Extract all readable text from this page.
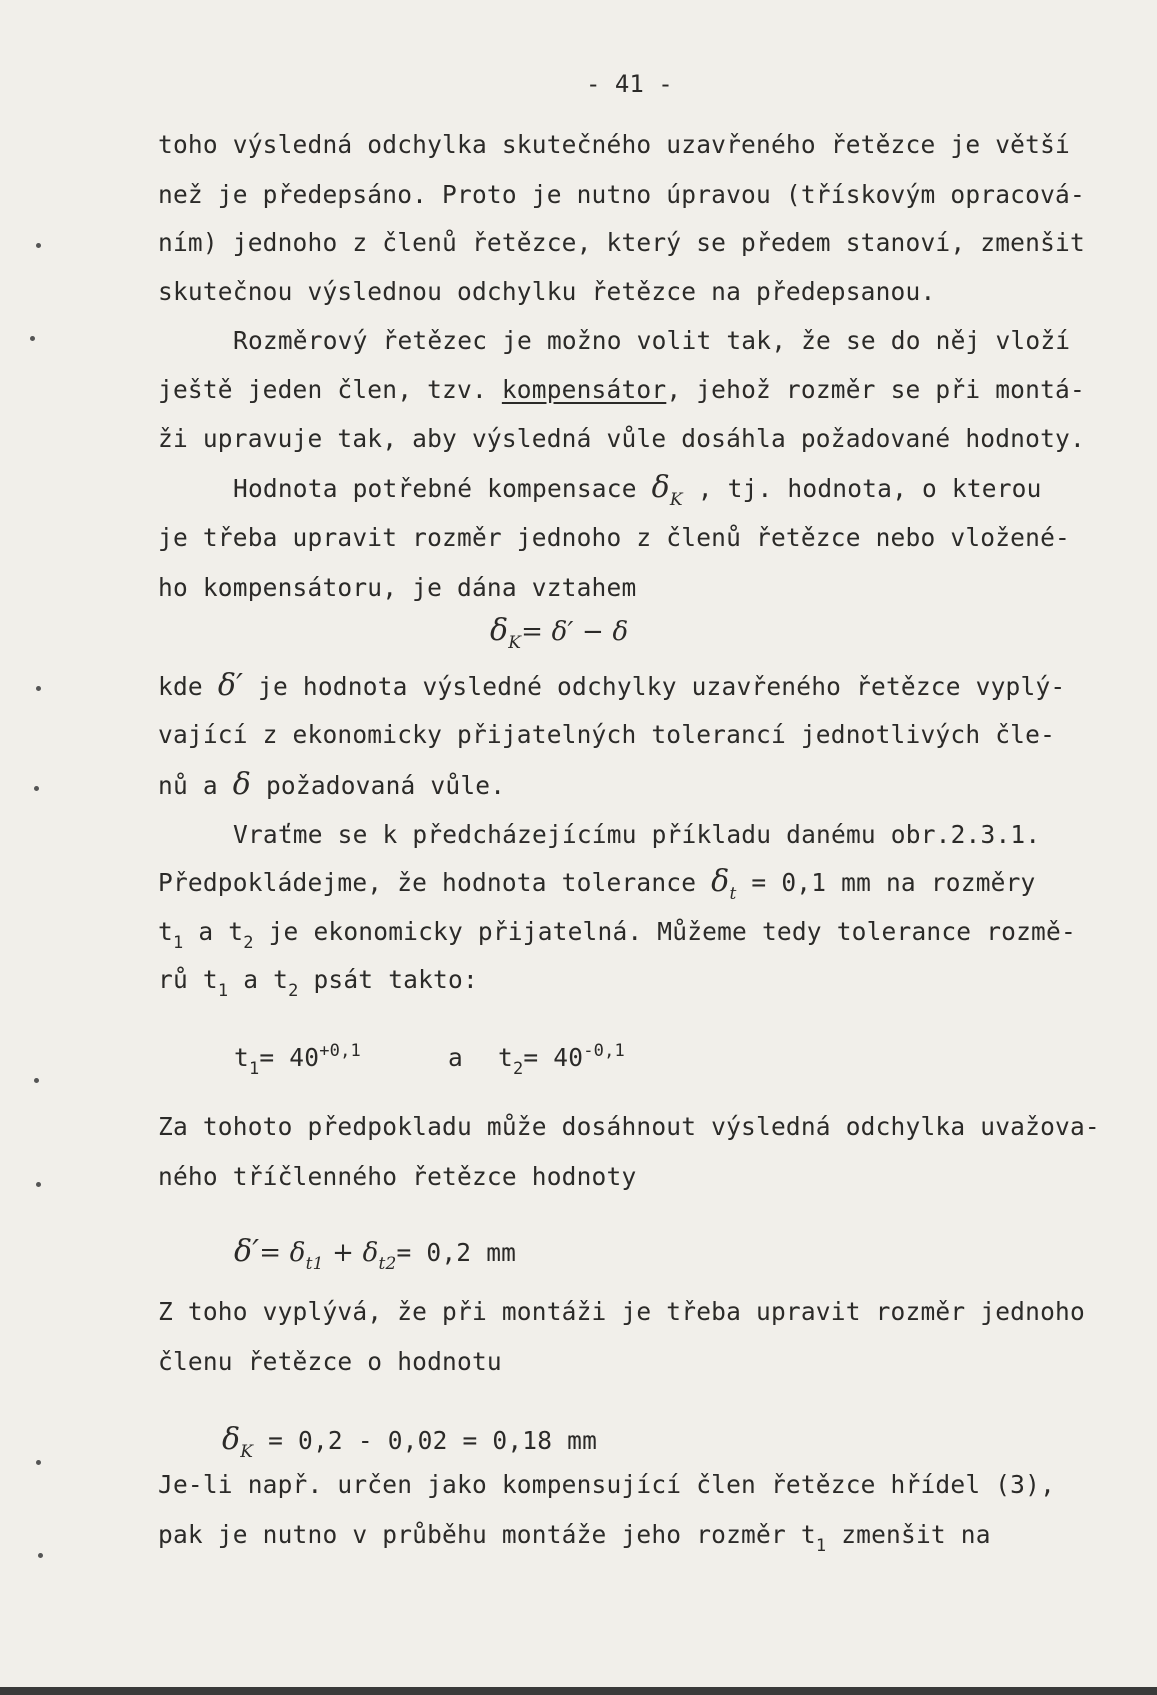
- 41 -
toho výsledná odchylka skutečného uzavřeného řetězce je větší
než je předepsáno. Proto je nutno úpravou (třískovým opracová-
ním) jednoho z členů řetězce, který se předem stanoví, zmenšit
skutečnou výslednou odchylku řetězce na předepsanou.
Rozměrový řetězec je možno volit tak, že se do něj vloží
ještě jeden člen, tzv. kompensátor, jehož rozměr se při montá-
ži upravuje tak, aby výsledná vůle dosáhla požadované hodnoty.
Hodnota potřebné kompensace $\delta_K$ , tj. hodnota, o kterou
je třeba upravit rozměr jednoho z členů řetězce nebo vložené-
ho kompensátoru, je dána vztahem
$\delta_K= \delta' - \delta$
kde δ′ je hodnota výsledné odchylky uzavřeného řetězce vyplý-
vající z ekonomicky přijatelných tolerancí jednotlivých čle-
nů a δ požadovaná vůle.
Vraťme se k předcházejícímu příkladu danému obr.2.3.1.
Předpokládejme, že hodnota tolerance $\delta_t = 0,1$ mm na rozměry
$t_1$ a $t_2$ je ekonomicky přijatelná. Můžeme tedy tolerance rozmě-
rů $t_1$ a $t_2$ psát takto:
$t_1= 40^{+0,1}$	a $t_2= 40^{-0,1}$
Za tohoto předpokladu může dosáhnout výsledná odchylka uvažova-
ného tříčlenného řetězce hodnoty
$\delta'= \delta_{t1} + \delta_{t2}= 0,2$ mm
Z toho vyplývá, že při montáži je třeba upravit rozměr jednoho
členu řetězce o hodnotu
$\delta_K = 0,2 - 0,02 = 0,18$ mm
Je-li např. určen jako kompensující člen řetězce hřídel (3),
pak je nutno v průběhu montáže jeho rozměr $t_1$ zmenšit na
